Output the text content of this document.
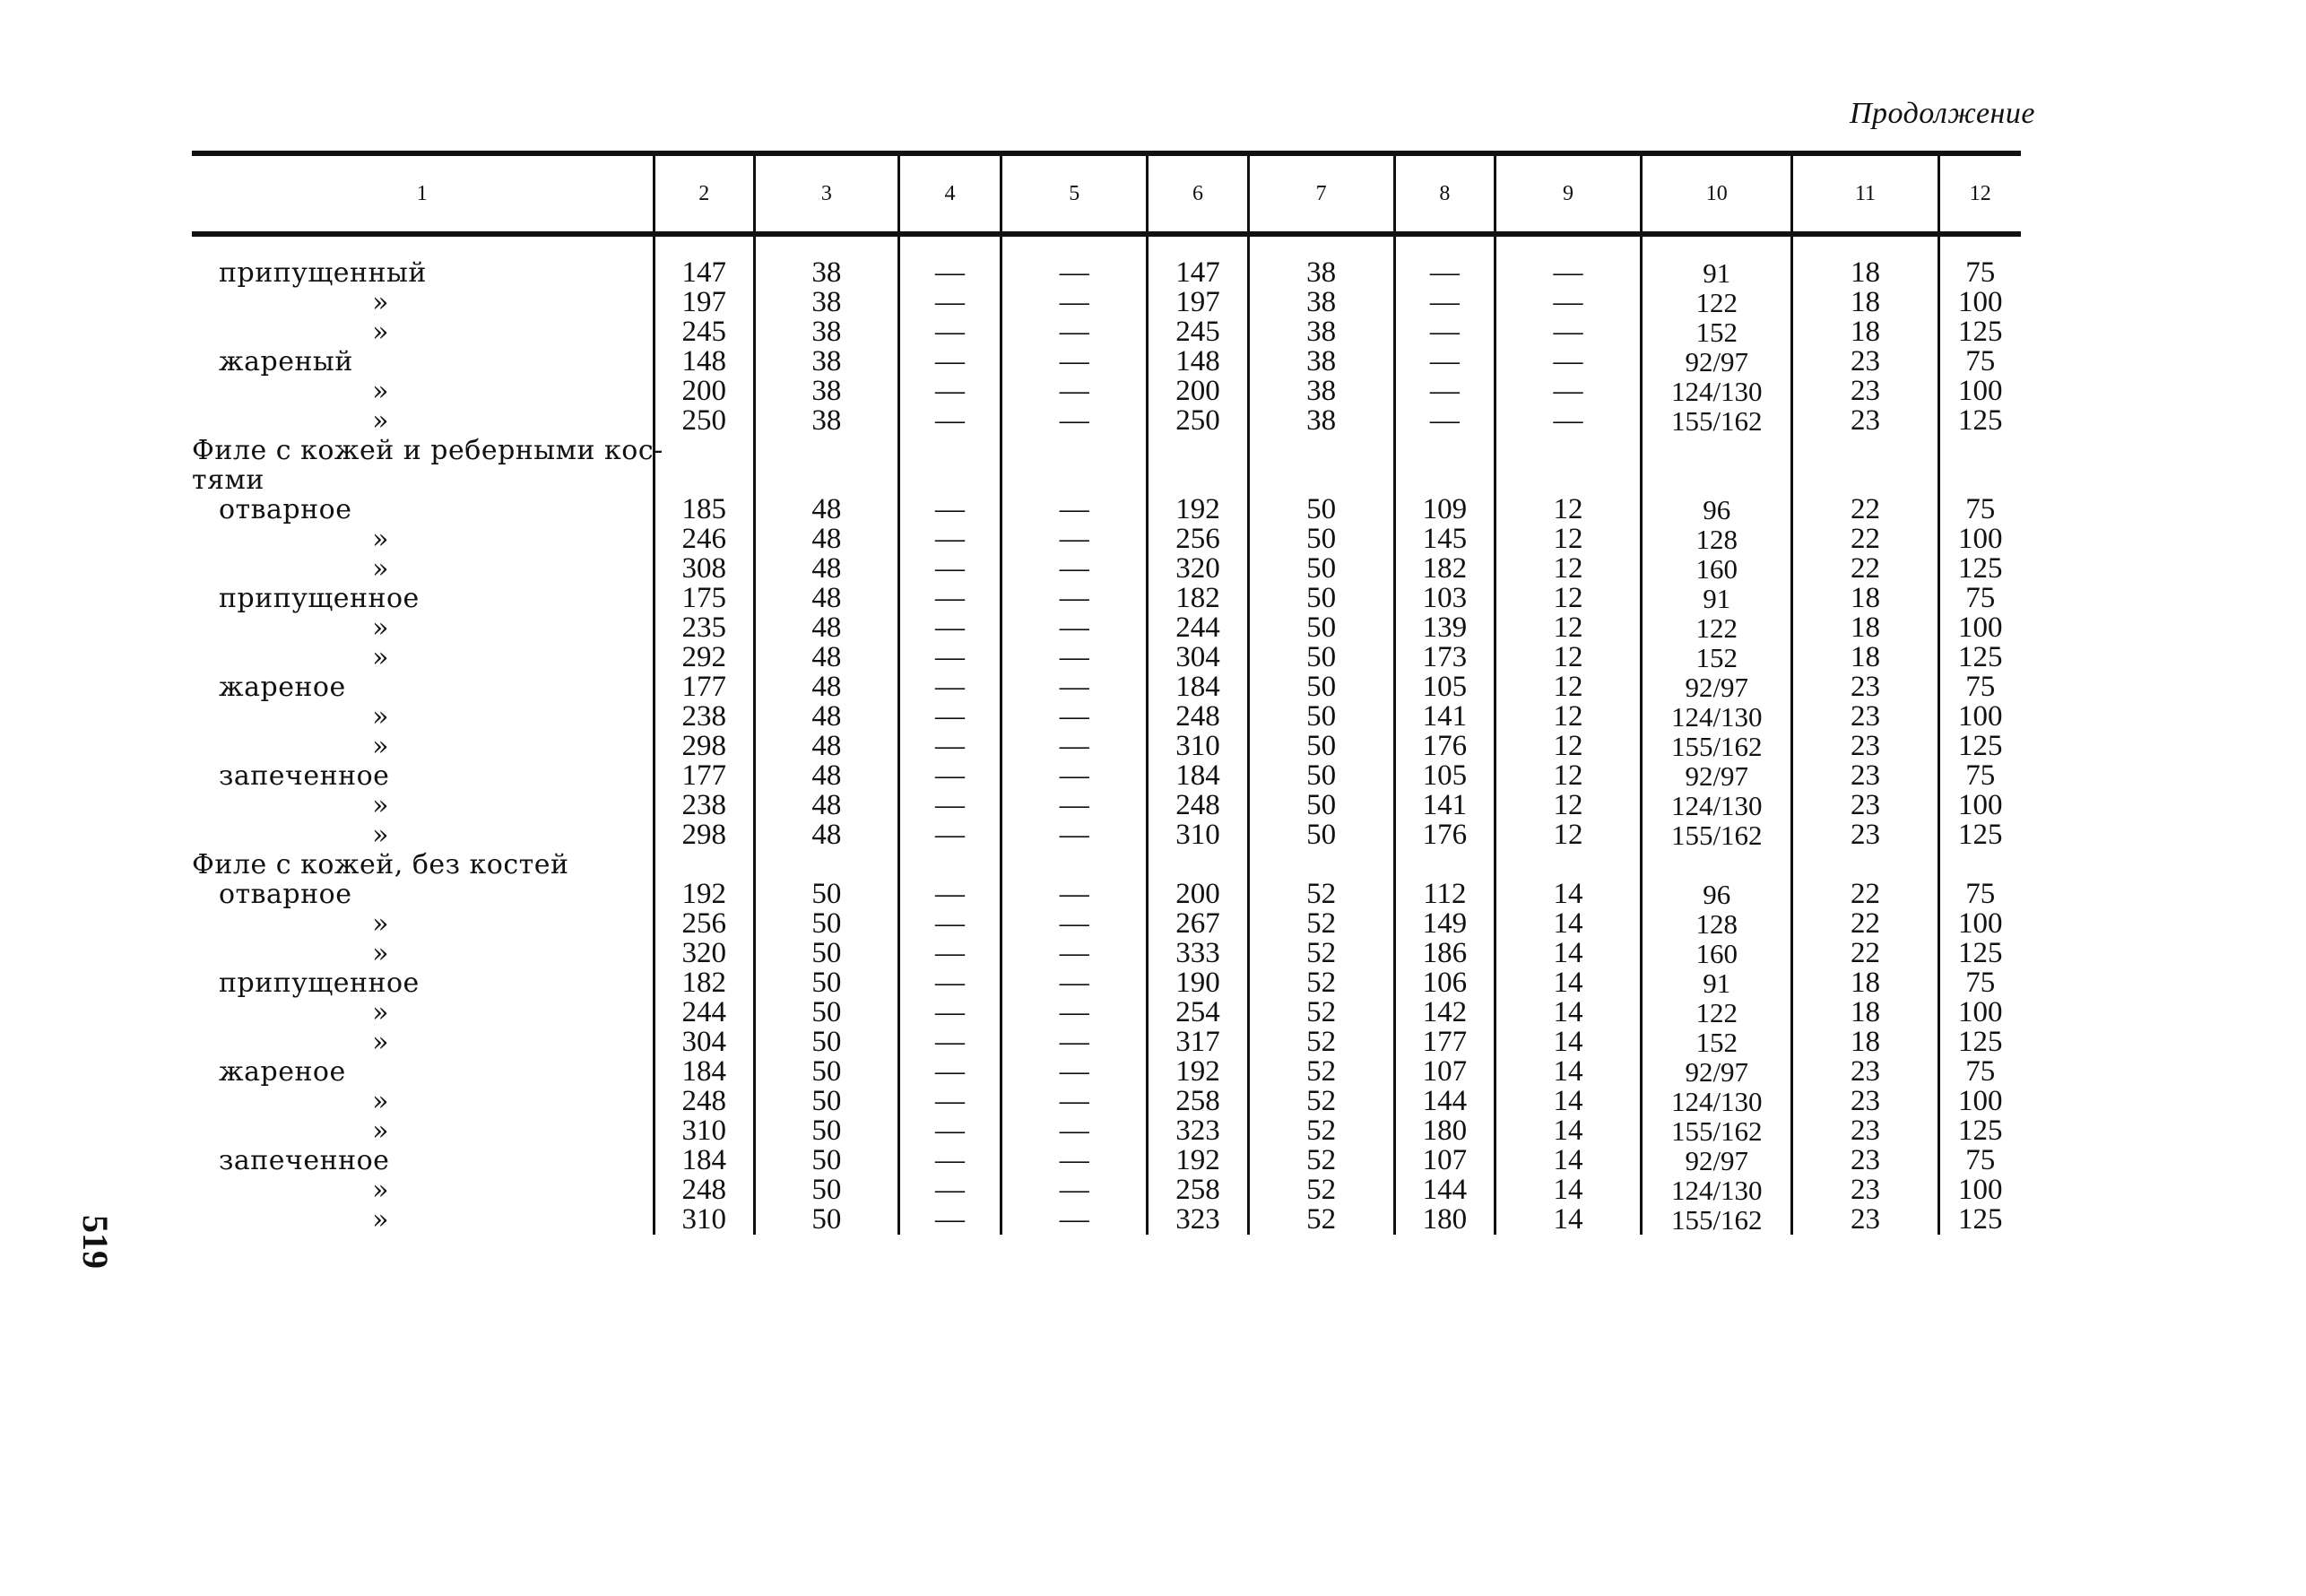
Продолжение
519
1	2	3	4	5	6	7	8	9	10	11	12

припущенный	147	38	—	—	147	38	—	—	91	18	75
»	197	38	—	—	197	38	—	—	122	18	100
»	245	38	—	—	245	38	—	—	152	18	125
жареный	148	38	—	—	148	38	—	—	92/97	23	75
»	200	38	—	—	200	38	—	—	124/130	23	100
»	250	38	—	—	250	38	—	—	155/162	23	125
Филе с кожей и реберными кос-											
тями											
отварное	185	48	—	—	192	50	109	12	96	22	75
»	246	48	—	—	256	50	145	12	128	22	100
»	308	48	—	—	320	50	182	12	160	22	125
припущенное	175	48	—	—	182	50	103	12	91	18	75
»	235	48	—	—	244	50	139	12	122	18	100
»	292	48	—	—	304	50	173	12	152	18	125
жареное	177	48	—	—	184	50	105	12	92/97	23	75
»	238	48	—	—	248	50	141	12	124/130	23	100
»	298	48	—	—	310	50	176	12	155/162	23	125
запеченное	177	48	—	—	184	50	105	12	92/97	23	75
»	238	48	—	—	248	50	141	12	124/130	23	100
»	298	48	—	—	310	50	176	12	155/162	23	125
Филе с кожей, без костей											
отварное	192	50	—	—	200	52	112	14	96	22	75
»	256	50	—	—	267	52	149	14	128	22	100
»	320	50	—	—	333	52	186	14	160	22	125
припущенное	182	50	—	—	190	52	106	14	91	18	75
»	244	50	—	—	254	52	142	14	122	18	100
»	304	50	—	—	317	52	177	14	152	18	125
жареное	184	50	—	—	192	52	107	14	92/97	23	75
»	248	50	—	—	258	52	144	14	124/130	23	100
»	310	50	—	—	323	52	180	14	155/162	23	125
запеченное	184	50	—	—	192	52	107	14	92/97	23	75
»	248	50	—	—	258	52	144	14	124/130	23	100
»	310	50	—	—	323	52	180	14	155/162	23	125
